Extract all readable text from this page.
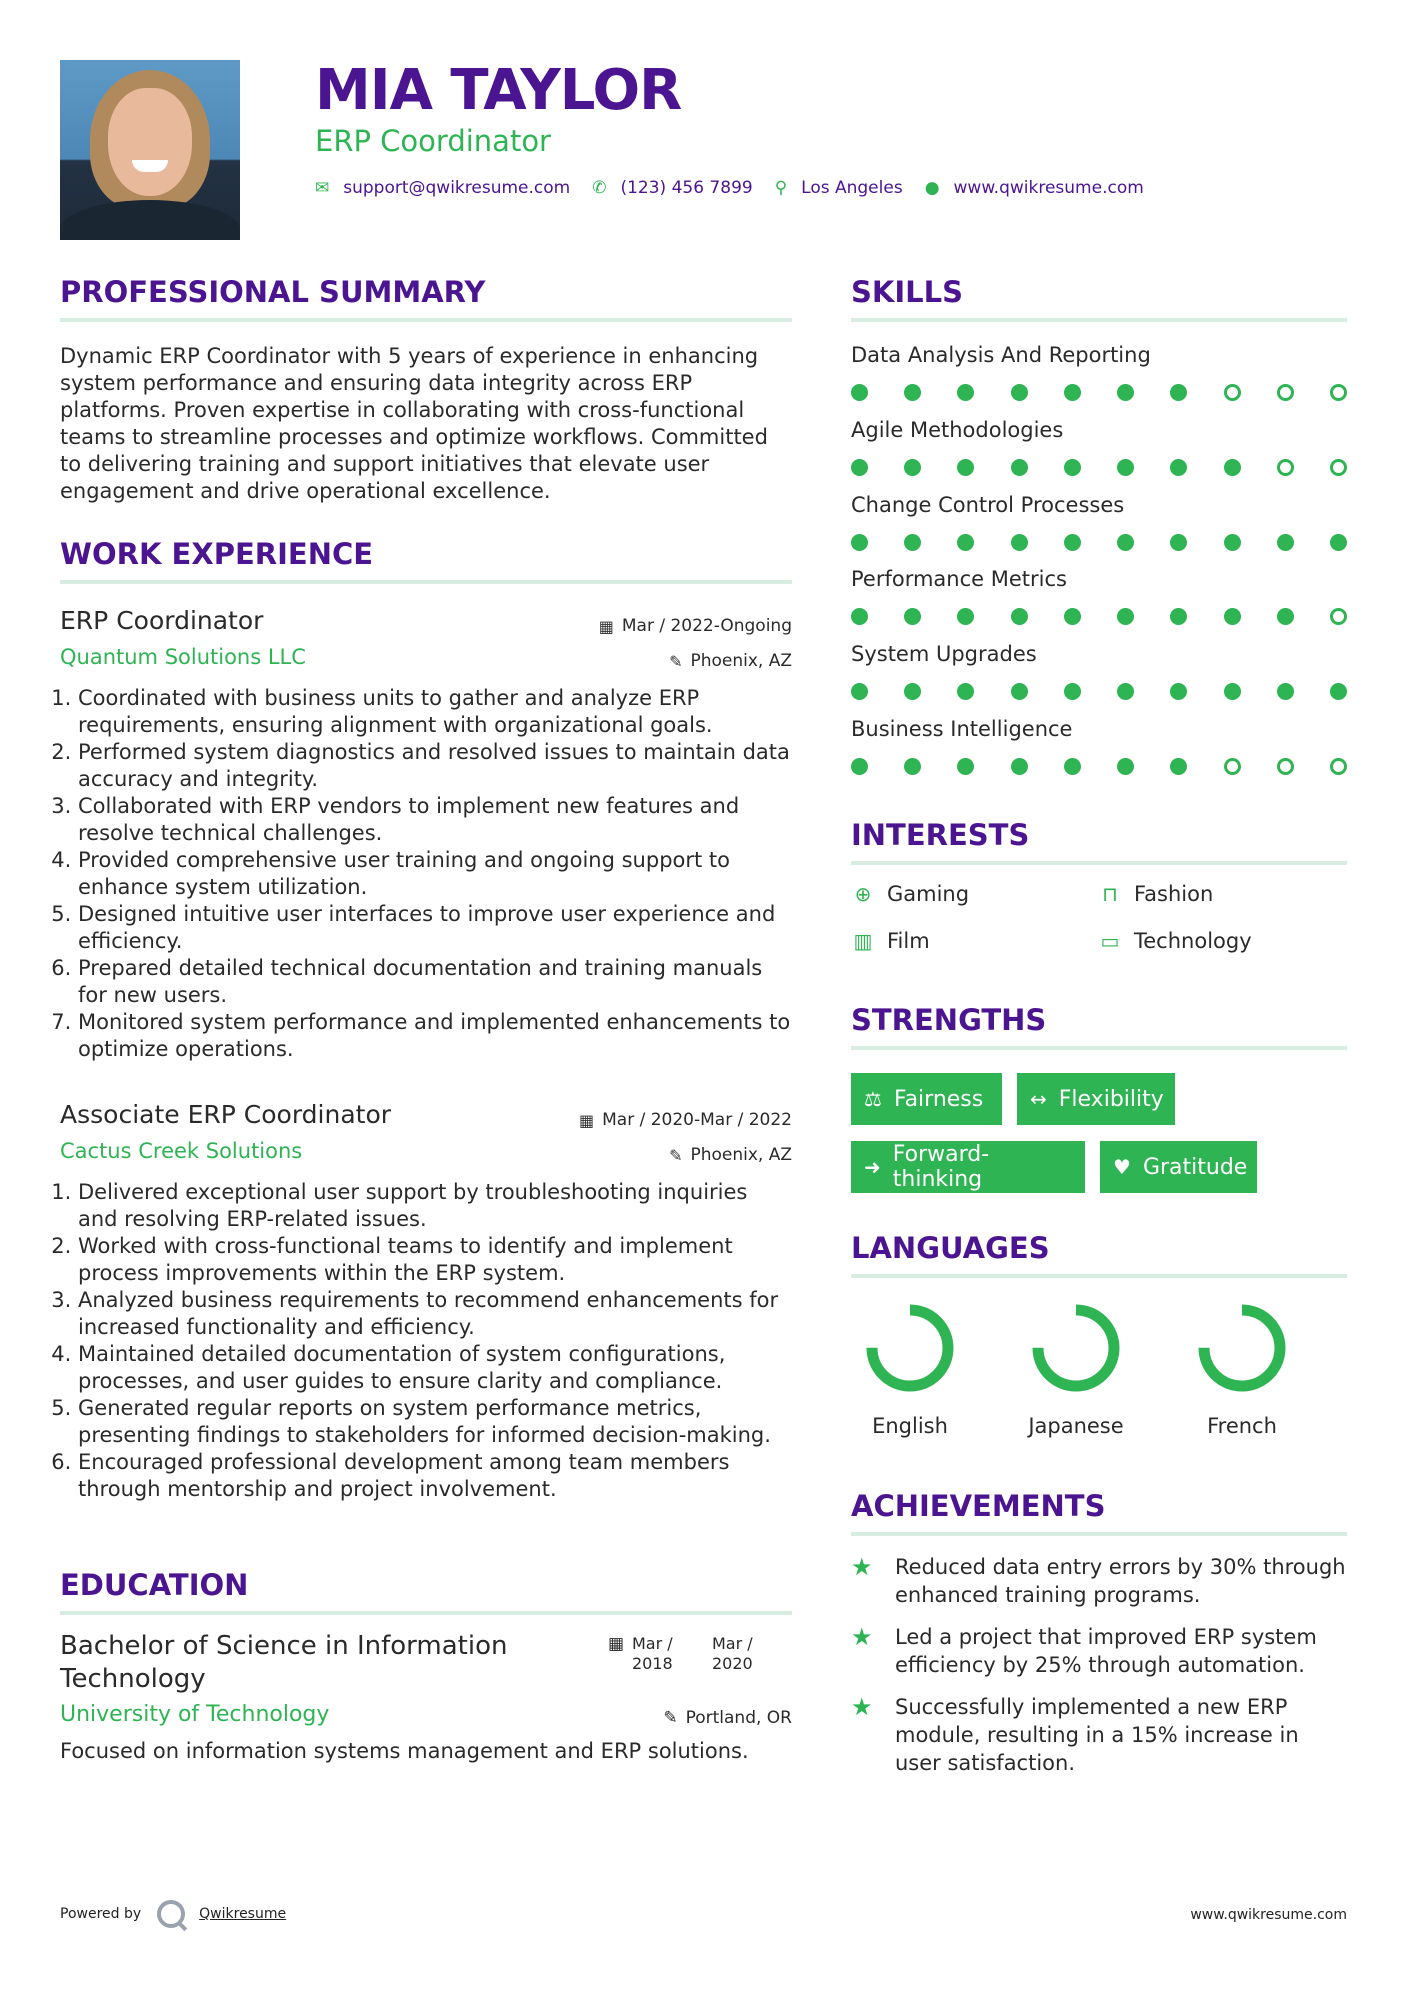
MIA TAYLOR
ERP Coordinator
✉ support@qwikresume.com ✆ (123) 456 7899 ⚲ Los Angeles ● www.qwikresume.com
PROFESSIONAL SUMMARY
Dynamic ERP Coordinator with 5 years of experience in enhancing system performance and ensuring data integrity across ERP platforms. Proven expertise in collaborating with cross-functional teams to streamline processes and optimize workflows. Committed to delivering training and support initiatives that elevate user engagement and drive operational excellence.
WORK EXPERIENCE
▦ Mar / 2022-Ongoing
✎ Phoenix, AZ
ERP Coordinator
Quantum Solutions LLC
1. Coordinated with business units to gather and analyze ERP requirements, ensuring alignment with organizational goals.
2. Performed system diagnostics and resolved issues to maintain data accuracy and integrity.
3. Collaborated with ERP vendors to implement new features and resolve technical challenges.
4. Provided comprehensive user training and ongoing support to enhance system utilization.
5. Designed intuitive user interfaces to improve user experience and efficiency.
6. Prepared detailed technical documentation and training manuals for new users.
7. Monitored system performance and implemented enhancements to optimize operations.
▦ Mar / 2020-Mar / 2022
✎ Phoenix, AZ
Associate ERP Coordinator
Cactus Creek Solutions
1. Delivered exceptional user support by troubleshooting inquiries and resolving ERP-related issues.
2. Worked with cross-functional teams to identify and implement process improvements within the ERP system.
3. Analyzed business requirements to recommend enhancements for increased functionality and efficiency.
4. Maintained detailed documentation of system configurations, processes, and user guides to ensure clarity and compliance.
5. Generated regular reports on system performance metrics, presenting findings to stakeholders for informed decision-making.
6. Encouraged professional development among team members through mentorship and project involvement.
EDUCATION
▦ Mar / 2018
Mar / 2020
✎ Portland, OR
Bachelor of Science in Information Technology
University of Technology
Focused on information systems management and ERP solutions.
SKILLS
Data Analysis And Reporting
Agile Methodologies
Change Control Processes
Performance Metrics
System Upgrades
Business Intelligence
INTERESTS
⊕ Gaming	⊓ Fashion
▥ Film	▭ Technology
STRENGTHS
⚖ Fairness ↔ Flexibility
➜ Forward-thinking	♥ Gratitude
LANGUAGES
English	Japanese	French
ACHIEVEMENTS
★	Reduced data entry errors by 30% through enhanced training programs.
★	Led a project that improved ERP system efficiency by 25% through automation.
★	Successfully implemented a new ERP module, resulting in a 15% increase in user satisfaction.
Powered by	Qwikresume	www.qwikresume.com
